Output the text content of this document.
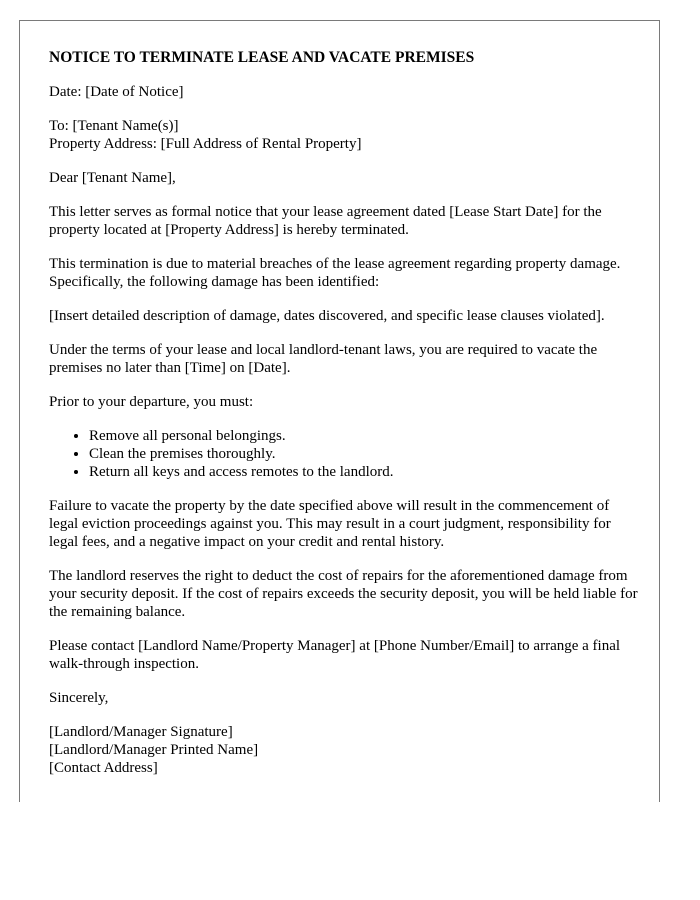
NOTICE TO TERMINATE LEASE AND VACATE PREMISES

Date: [Date of Notice]

To: [Tenant Name(s)]
Property Address: [Full Address of Rental Property]

Dear [Tenant Name],

This letter serves as formal notice that your lease agreement dated [Lease Start Date] for the property located at [Property Address] is hereby terminated.

This termination is due to material breaches of the lease agreement regarding property damage. Specifically, the following damage has been identified:

[Insert detailed description of damage, dates discovered, and specific lease clauses violated].

Under the terms of your lease and local landlord-tenant laws, you are required to vacate the premises no later than [Time] on [Date].

Prior to your departure, you must:

• Remove all personal belongings.
• Clean the premises thoroughly.
• Return all keys and access remotes to the landlord.

Failure to vacate the property by the date specified above will result in the commencement of legal eviction proceedings against you. This may result in a court judgment, responsibility for legal fees, and a negative impact on your credit and rental history.

The landlord reserves the right to deduct the cost of repairs for the aforementioned damage from your security deposit. If the cost of repairs exceeds the security deposit, you will be held liable for the remaining balance.

Please contact [Landlord Name/Property Manager] at [Phone Number/Email] to arrange a final walk-through inspection.

Sincerely,

[Landlord/Manager Signature]
[Landlord/Manager Printed Name]
[Contact Address]
